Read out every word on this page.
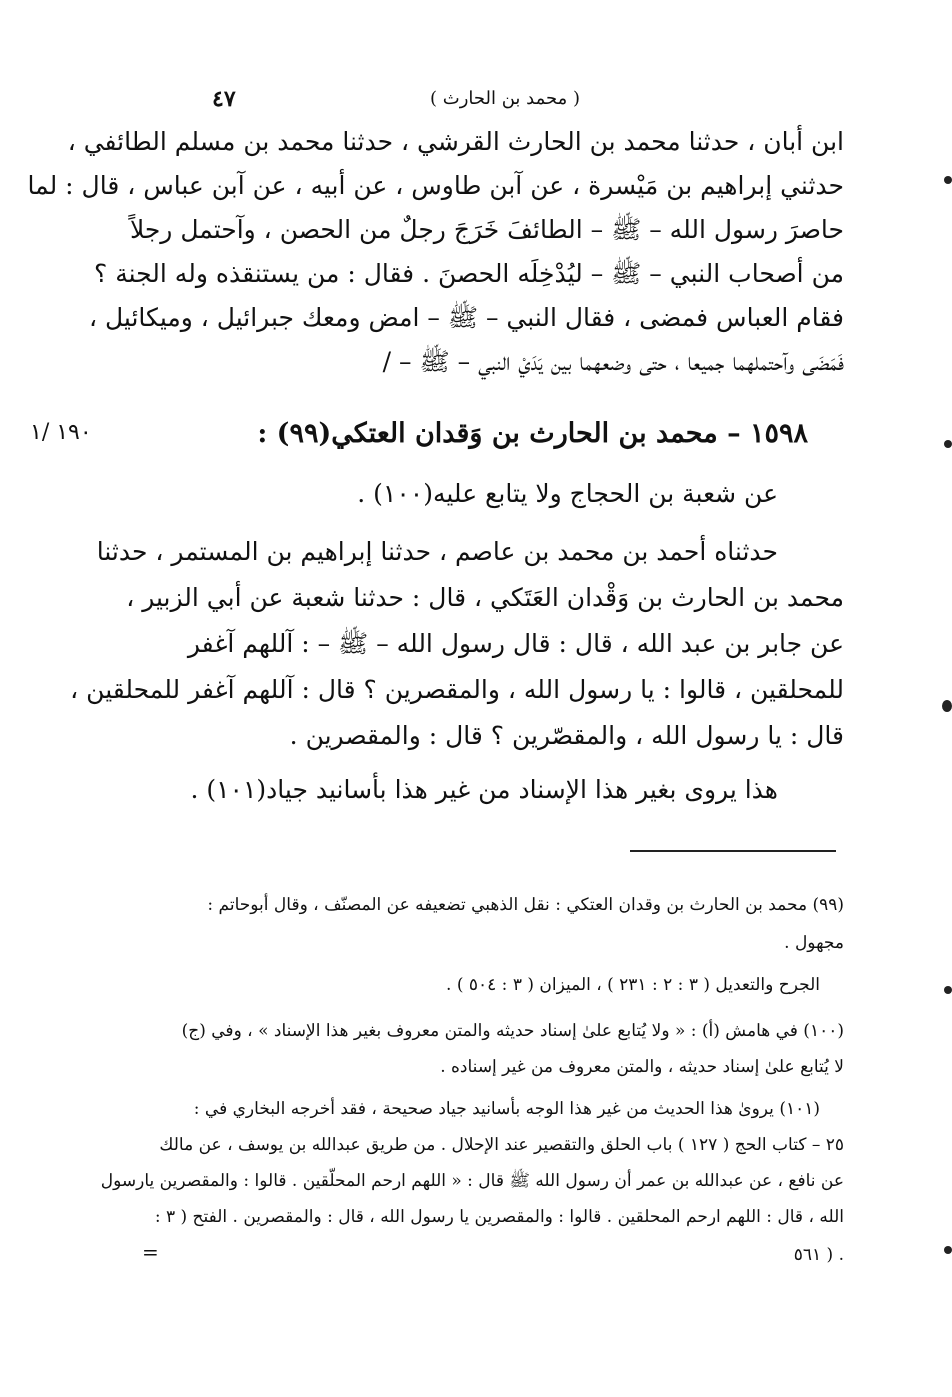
٤٧	( محمد بن الحارث )
ابن أبان ، حدثنا محمد بن الحارث القرشي ، حدثنا محمد بن مسلم الطائفي ،
حدثني إبراهيم بن مَيْسرة ، عن آبن طاوس ، عن أبيه ، عن آبن عباس ، قال : لما
حاصرَ رسول الله – ﷺ – الطائفَ خَرَجَ رجلٌ من الحصن ، وآحتمل رجلاً
من أصحاب النبي – ﷺ – ليُدْخِلَه الحصنَ . فقال : من يستنقذه وله الجنة ؟
فقام العباس فمضى ، فقال النبي – ﷺ – امض ومعك جبرائيل ، وميكائيل ،
فَمَضَى وآحتملهما جميعا ، حتى وضعهما بين يَدَيْ النبي – ﷺ – /
١٩٠ /١	١٥٩٨ – محمد بن الحارث بن وَقدان العتكي(٩٩) :
عن شعبة بن الحجاج ولا يتابع عليه(١٠٠) .
حدثناه أحمد بن محمد بن عاصم ، حدثنا إبراهيم بن المستمر ، حدثنا
محمد بن الحارث بن وَقْدان العَتَكي ، قال : حدثنا شعبة عن أبي الزبير ،
عن جابر بن عبد الله ، قال : قال رسول الله – ﷺ – : آللهم آغفر
للمحلقين ، قالوا : يا رسول الله ، والمقصرين ؟ قال : آللهم آغفر للمحلقين ،
قال : يا رسول الله ، والمقصّرين ؟ قال : والمقصرين .
هذا يروى بغير هذا الإسناد من غير هذا بأسانيد جياد(١٠١) .
(٩٩) محمد بن الحارث بن وقدان العتكي : نقل الذهبي تضعيفه عن المصنّف ، وقال أبوحاتم :
مجهول .
الجرح والتعديل ( ٣ : ٢ : ٢٣١ ) ، الميزان ( ٣ : ٥٠٤ ) .
(١٠٠) في هامش (أ) : « ولا يُتابع علىٰ إسناد حديثه والمتن معروف بغير هذا الإسناد » ، وفي (ج)
لا يُتابع علىٰ إسناد حديثه ، والمتن معروف من غير إسناده .
(١٠١) يروىٰ هذا الحديث من غير هذا الوجه بأسانيد جياد صحيحة ، فقد أخرجه البخاري في :
٢٥ – كتاب الحج ( ١٢٧ ) باب الحلق والتقصير عند الإحلال . من طريق عبدالله بن يوسف ، عن مالك
عن نافع ، عن عبدالله بن عمر أن رسول الله ﷺ قال : « اللهم ارحم المحلّقين . قالوا : والمقصرين يارسول
الله ، قال : اللهم ارحم المحلقين . قالوا : والمقصرين يا رسول الله ، قال : والمقصرين . الفتح ( ٣ :
. ( ٥٦١
=
